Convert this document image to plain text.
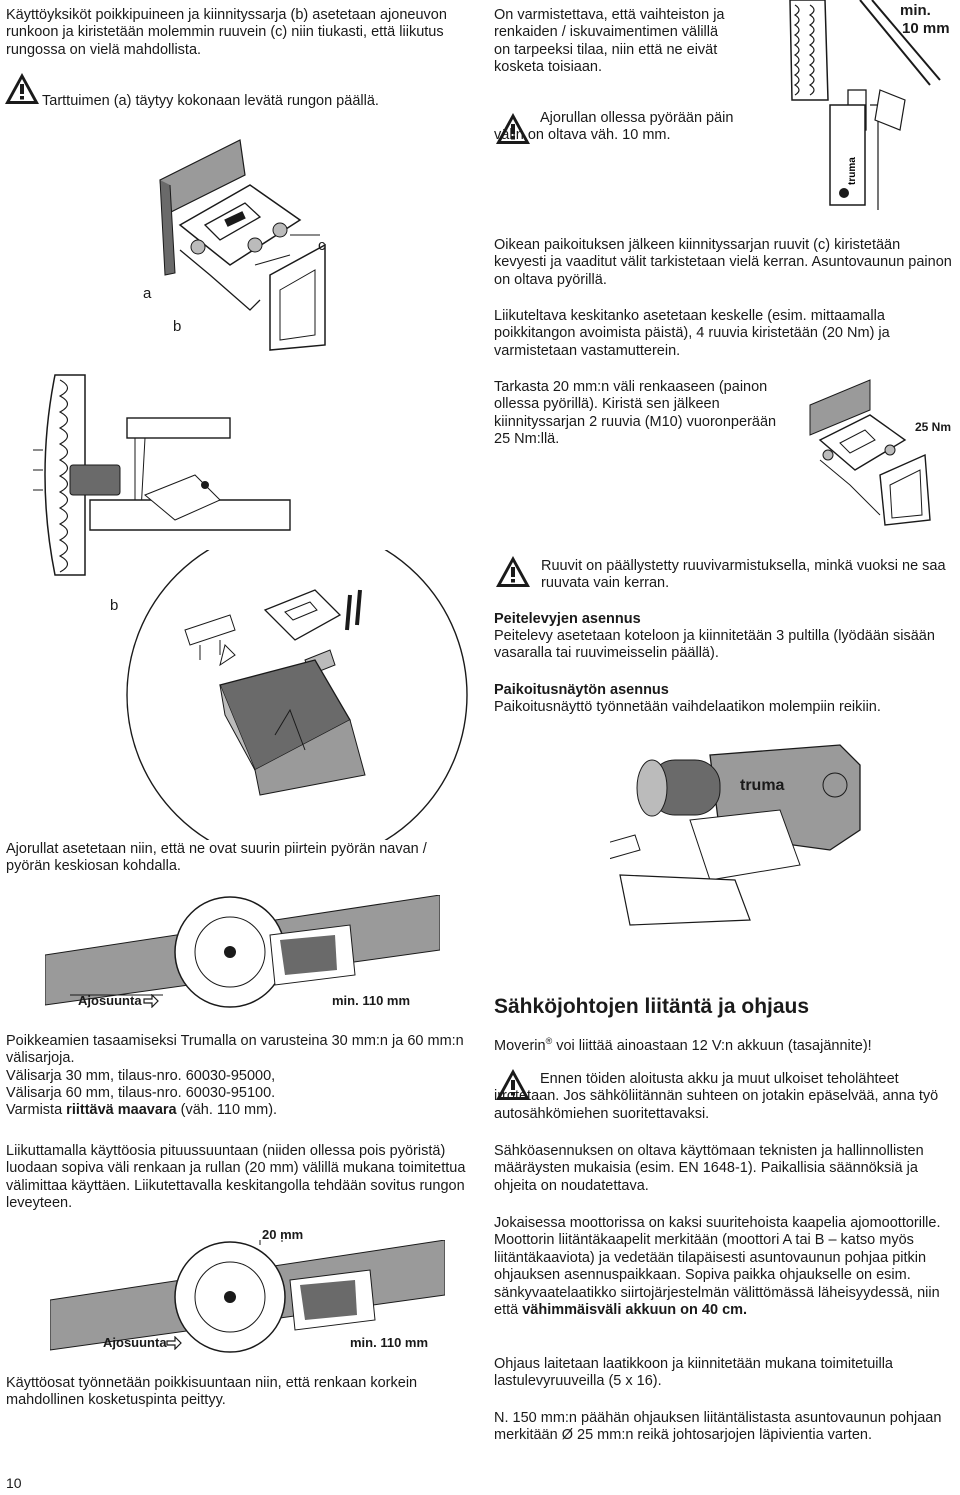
Käyttöyksiköt poikkipuineen ja kiinnityssarja (b) asetetaan ajoneuvon runkoon ja kiristetään molemmin ruuvein (c) niin tiukasti, että liikutus rungossa on vielä mahdollista.
Tarttuimen (a) täytyy kokonaan levätä rungon päällä.
On varmistettava, että vaihteiston ja renkaiden / iskuvaimentimen välillä on tarpeeksi tilaa, niin että ne eivät kosketa toisiaan.
Ajorullan ollessa pyörään päin välin on oltava väh. 10 mm.
truma
min.
10 mm
a
b
c	Oikean paikoituksen jälkeen kiinnityssarjan ruuvit (c) kiristetään kevyesti ja vaaditut välit tarkistetaan vielä kerran. Asuntovaunun painon on oltava pyörillä.
Liikuteltava keskitanko asetetaan keskelle (esim. mittaamalla poikkitangon avoimista päistä), 4 ruuvia kiristetään (20 Nm) ja varmistetaan vastamutterein.
Tarkasta 20 mm:n väli renkaaseen (painon ollessa pyörillä). Kiristä sen jälkeen kiinnityssarjan 2 ruuvia (M10) vuoronperään 25 Nm:llä.
25 Nm
Ruuvit on päällystetty ruuvivarmistuksella, minkä vuoksi ne saa ruuvata vain kerran.
Peitelevyjen asennus
Peitelevy asetetaan koteloon ja kiinnitetään 3 pultilla (lyödään sisään vasaralla tai ruuvimeisselin päällä).
Paikoitusnäytön asennus
Paikoitusnäyttö työnnetään vaihdelaatikon molempiin reikiin.
b
truma
Ajorullat asetetaan niin, että ne ovat suurin piirtein pyörän navan / pyörän keskiosan kohdalla.
Ajosuunta	min. 110 mm	Sähköjohtojen liitäntä ja ohjaus
Poikkeamien tasaamiseksi Trumalla on varusteina 30 mm:n ja 60 mm:n välisarjoja.
Välisarja 30 mm, tilaus-nro. 60030-95000,
Välisarja 60 mm, tilaus-nro. 60030-95100.
Varmista riittävä maavara (väh. 110 mm).
Liikuttamalla käyttöosia pituussuuntaan (niiden ollessa pois pyöristä) luodaan sopiva väli renkaan ja rullan (20 mm) välillä mukana toimitettua välimittaa käyttäen. Liikutettavalla keskitangolla tehdään sovitus rungon leveyteen.
Moverin® voi liittää ainoastaan 12 V:n akkuun (tasajännite)!
Ennen töiden aloitusta akku ja muut ulkoiset teholähteet irrotetaan. Jos sähköliitännän suhteen on jotakin epäselvää, anna työ autosähkömiehen suoritettavaksi.
Sähköasennuksen on oltava käyttömaan teknisten ja hallinnollisten määräysten mukaisia (esim. EN 1648-1). Paikallisia säännöksiä ja ohjeita on noudatettava.
Jokaisessa moottorissa on kaksi suuritehoista kaapelia ajomoottorille. Moottorin liitäntäkaapelit merkitään (moottori A tai B – katso myös liitäntäkaaviota) ja vedetään tilapäisesti asuntovaunun pohjaa pitkin ohjauksen asennuspaikkaan. Sopiva paikka ohjaukselle on esim. sänkyvaatelaatikko siirtojärjestelmän välittömässä läheisyydessä, niin että vähimmäisväli akkuun on 40 cm.
Ohjaus laitetaan laatikkoon ja kiinnitetään mukana toimitetuilla lastulevyruuveilla (5 x 16).
N. 150 mm:n päähän ohjauksen liitäntälistasta asuntovaunun pohjaan merkitään Ø 25 mm:n reikä johtosarjojen läpivientia varten.
20 mm
Ajosuunta	min. 110 mm
Käyttöosat työnnetään poikkisuuntaan niin, että renkaan korkein mahdollinen kosketuspinta peittyy.
10
